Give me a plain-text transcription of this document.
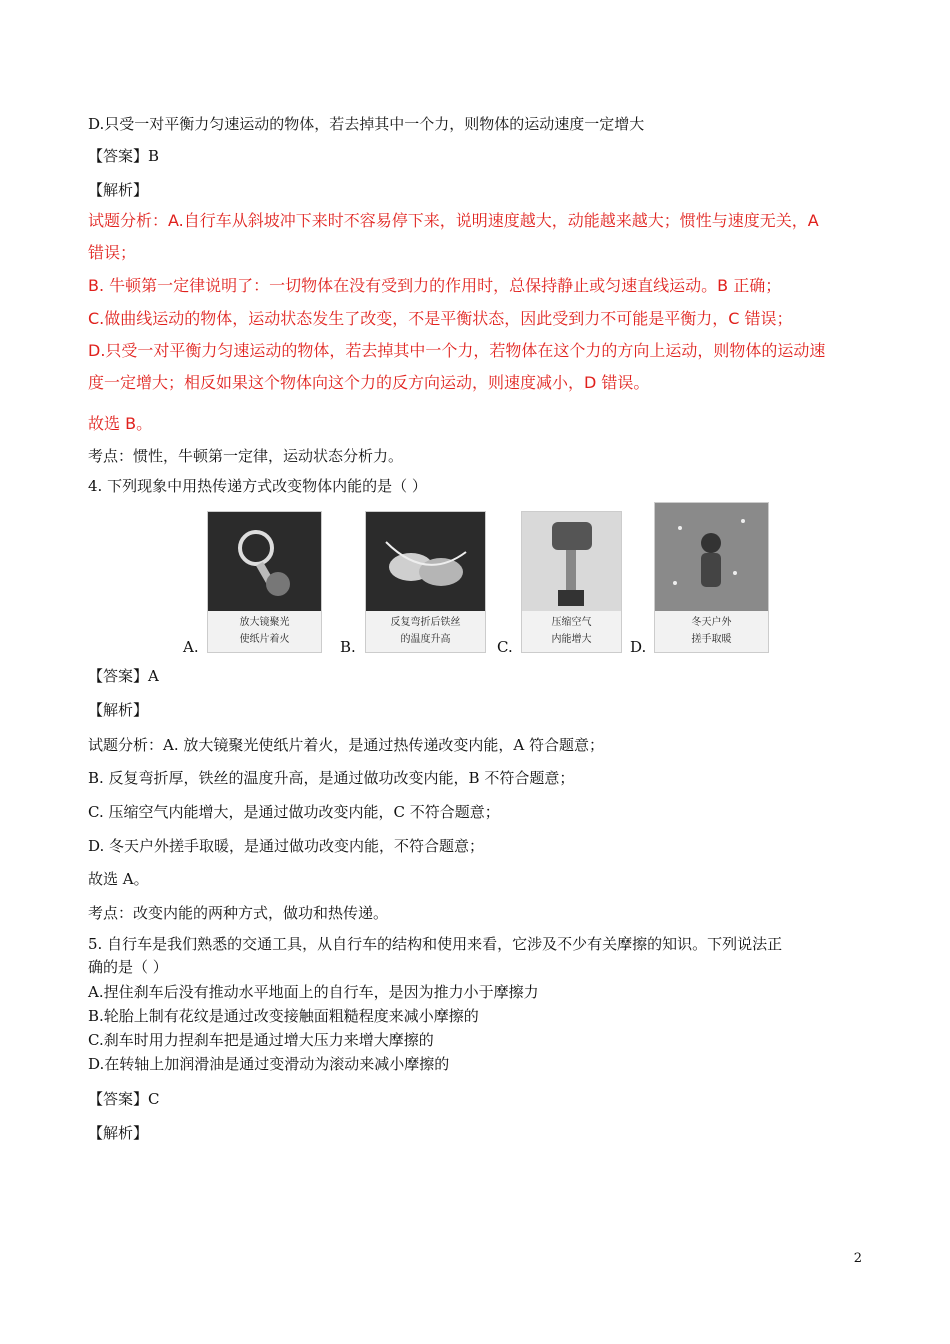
D.只受一对平衡力匀速运动的物体，若去掉其中一个力，则物体的运动速度一定增大
【答案】B
【解析】
试题分析：A.自行车从斜坡冲下来时不容易停下来，说明速度越大，动能越来越大；惯性与速度无关，A
错误；
B. 牛顿第一定律说明了：一切物体在没有受到力的作用时，总保持静止或匀速直线运动。B 正确；
C.做曲线运动的物体，运动状态发生了改变，不是平衡状态，因此受到力不可能是平衡力，C 错误；
D.只受一对平衡力匀速运动的物体，若去掉其中一个力，若物体在这个力的方向上运动，则物体的运动速
度一定增大；相反如果这个物体向这个力的反方向运动，则速度减小，D 错误。
故选 B。
考点：惯性，牛顿第一定律，运动状态分析力。
4. 下列现象中用热传递方式改变物体内能的是（ ）
放大镜聚光
使纸片着火
A.
反复弯折后铁丝
的温度升高
B.
压缩空气
内能增大
C.
冬天户外
搓手取暖
D.
【答案】A
【解析】
试题分析：A. 放大镜聚光使纸片着火，是通过热传递改变内能，A 符合题意；
B. 反复弯折厚，铁丝的温度升高，是通过做功改变内能，B 不符合题意；
C. 压缩空气内能增大，是通过做功改变内能，C 不符合题意；
D. 冬天户外搓手取暖，是通过做功改变内能，不符合题意；
故选 A。
考点：改变内能的两种方式，做功和热传递。
5. 自行车是我们熟悉的交通工具，从自行车的结构和使用来看，它涉及不少有关摩擦的知识。下列说法正
确的是（ ）
A.捏住刹车后没有推动水平地面上的自行车，是因为推力小于摩擦力
B.轮胎上制有花纹是通过改变接触面粗糙程度来减小摩擦的
C.刹车时用力捏刹车把是通过增大压力来增大摩擦的
D.在转轴上加润滑油是通过变滑动为滚动来减小摩擦的
【答案】C
【解析】
2
